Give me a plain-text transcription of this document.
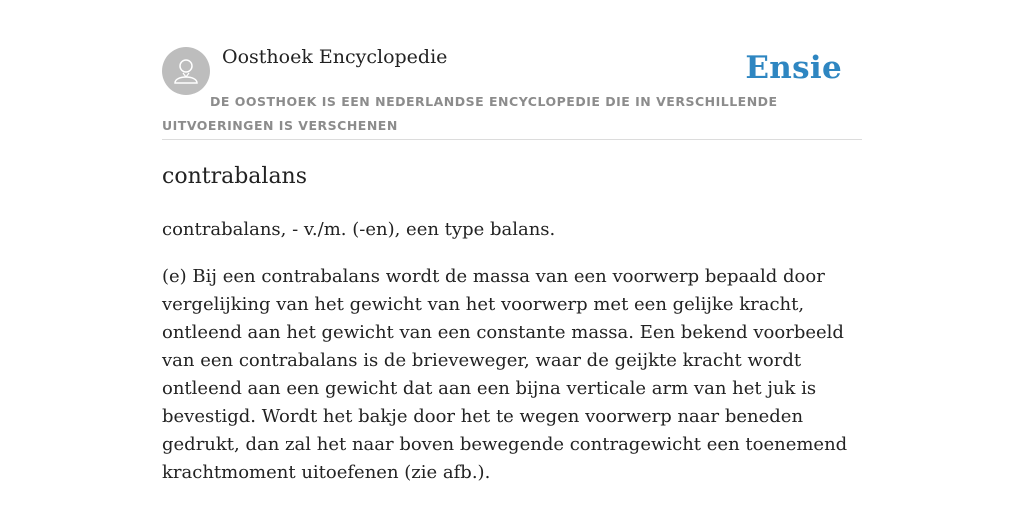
Oosthoek Encyclopedie	Ensie
DE OOSTHOEK IS EEN NEDERLANDSE ENCYCLOPEDIE DIE IN VERSCHILLENDE UITVOERINGEN IS VERSCHENEN
contrabalans

contrabalans, - v./m. (-en), een type balans.

(e) Bij een contrabalans wordt de massa van een voorwerp bepaald door vergelijking van het gewicht van het voorwerp met een gelijke kracht, ontleend aan het gewicht van een constante massa. Een bekend voorbeeld van een contrabalans is de brieveweger, waar de geijkte kracht wordt ontleend aan een gewicht dat aan een bijna verticale arm van het juk is bevestigd. Wordt het bakje door het te wegen voorwerp naar beneden gedrukt, dan zal het naar boven bewegende contragewicht een toenemend krachtmoment uitoefenen (zie afb.).
